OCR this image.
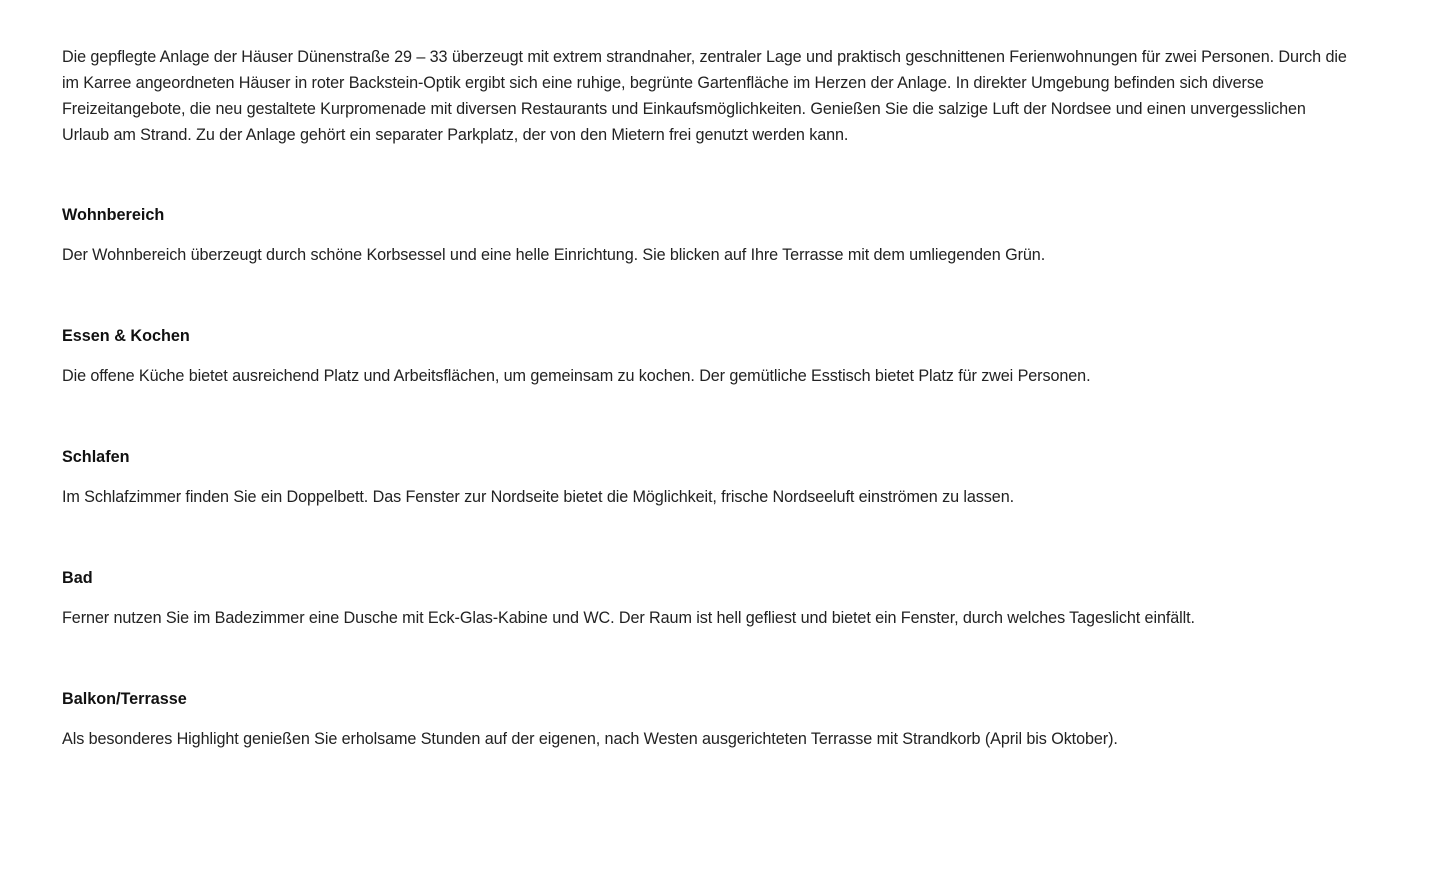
Die gepflegte Anlage der Häuser Dünenstraße 29 – 33 überzeugt mit extrem strandnaher, zentraler Lage und praktisch geschnittenen Ferienwohnungen für zwei Personen. Durch die im Karree angeordneten Häuser in roter Backstein-Optik ergibt sich eine ruhige, begrünte Gartenfläche im Herzen der Anlage. In direkter Umgebung befinden sich diverse Freizeitangebote, die neu gestaltete Kurpromenade mit diversen Restaurants und Einkaufsmöglichkeiten. Genießen Sie die salzige Luft der Nordsee und einen unvergesslichen Urlaub am Strand. Zu der Anlage gehört ein separater Parkplatz, der von den Mietern frei genutzt werden kann.

Wohnbereich

Der Wohnbereich überzeugt durch schöne Korbsessel und eine helle Einrichtung. Sie blicken auf Ihre Terrasse mit dem umliegenden Grün.

Essen & Kochen

Die offene Küche bietet ausreichend Platz und Arbeitsflächen, um gemeinsam zu kochen. Der gemütliche Esstisch bietet Platz für zwei Personen.

Schlafen

Im Schlafzimmer finden Sie ein Doppelbett. Das Fenster zur Nordseite bietet die Möglichkeit, frische Nordseeluft einströmen zu lassen.

Bad

Ferner nutzen Sie im Badezimmer eine Dusche mit Eck-Glas-Kabine und WC. Der Raum ist hell gefliest und bietet ein Fenster, durch welches Tageslicht einfällt.

Balkon/Terrasse

Als besonderes Highlight genießen Sie erholsame Stunden auf der eigenen, nach Westen ausgerichteten Terrasse mit Strandkorb (April bis Oktober).
